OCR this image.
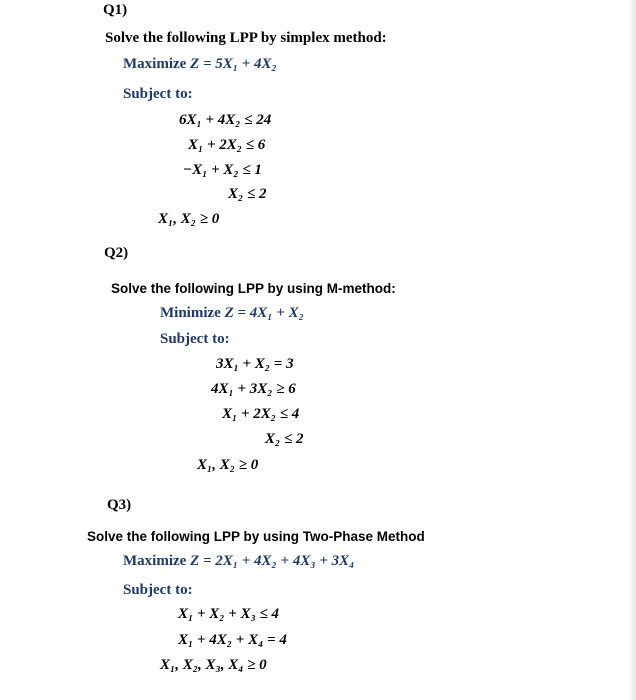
Q1)
Solve the following LPP by simplex method:
Maximize Z = 5X₁ + 4X₂
Subject to:
6X₁ + 4X₂ ≤ 24
X₁ + 2X₂ ≤ 6
−X₁ + X₂ ≤ 1
X₂ ≤ 2
X₁, X₂ ≥ 0
Q2)
Solve the following LPP by using M-method:
Minimize Z = 4X₁ + X₂
Subject to:
3X₁ + X₂ = 3
4X₁ + 3X₂ ≥ 6
X₁ + 2X₂ ≤ 4
X₂ ≤ 2
X₁, X₂ ≥ 0
Q3)
Solve the following LPP by using Two-Phase Method
Maximize Z = 2X₁ + 4X₂ + 4X₃ + 3X₄
Subject to:
X₁ + X₂ + X₃ ≤ 4
X₁ + 4X₂ + X₄ = 4
X₁, X₂, X₃, X₄ ≥ 0
